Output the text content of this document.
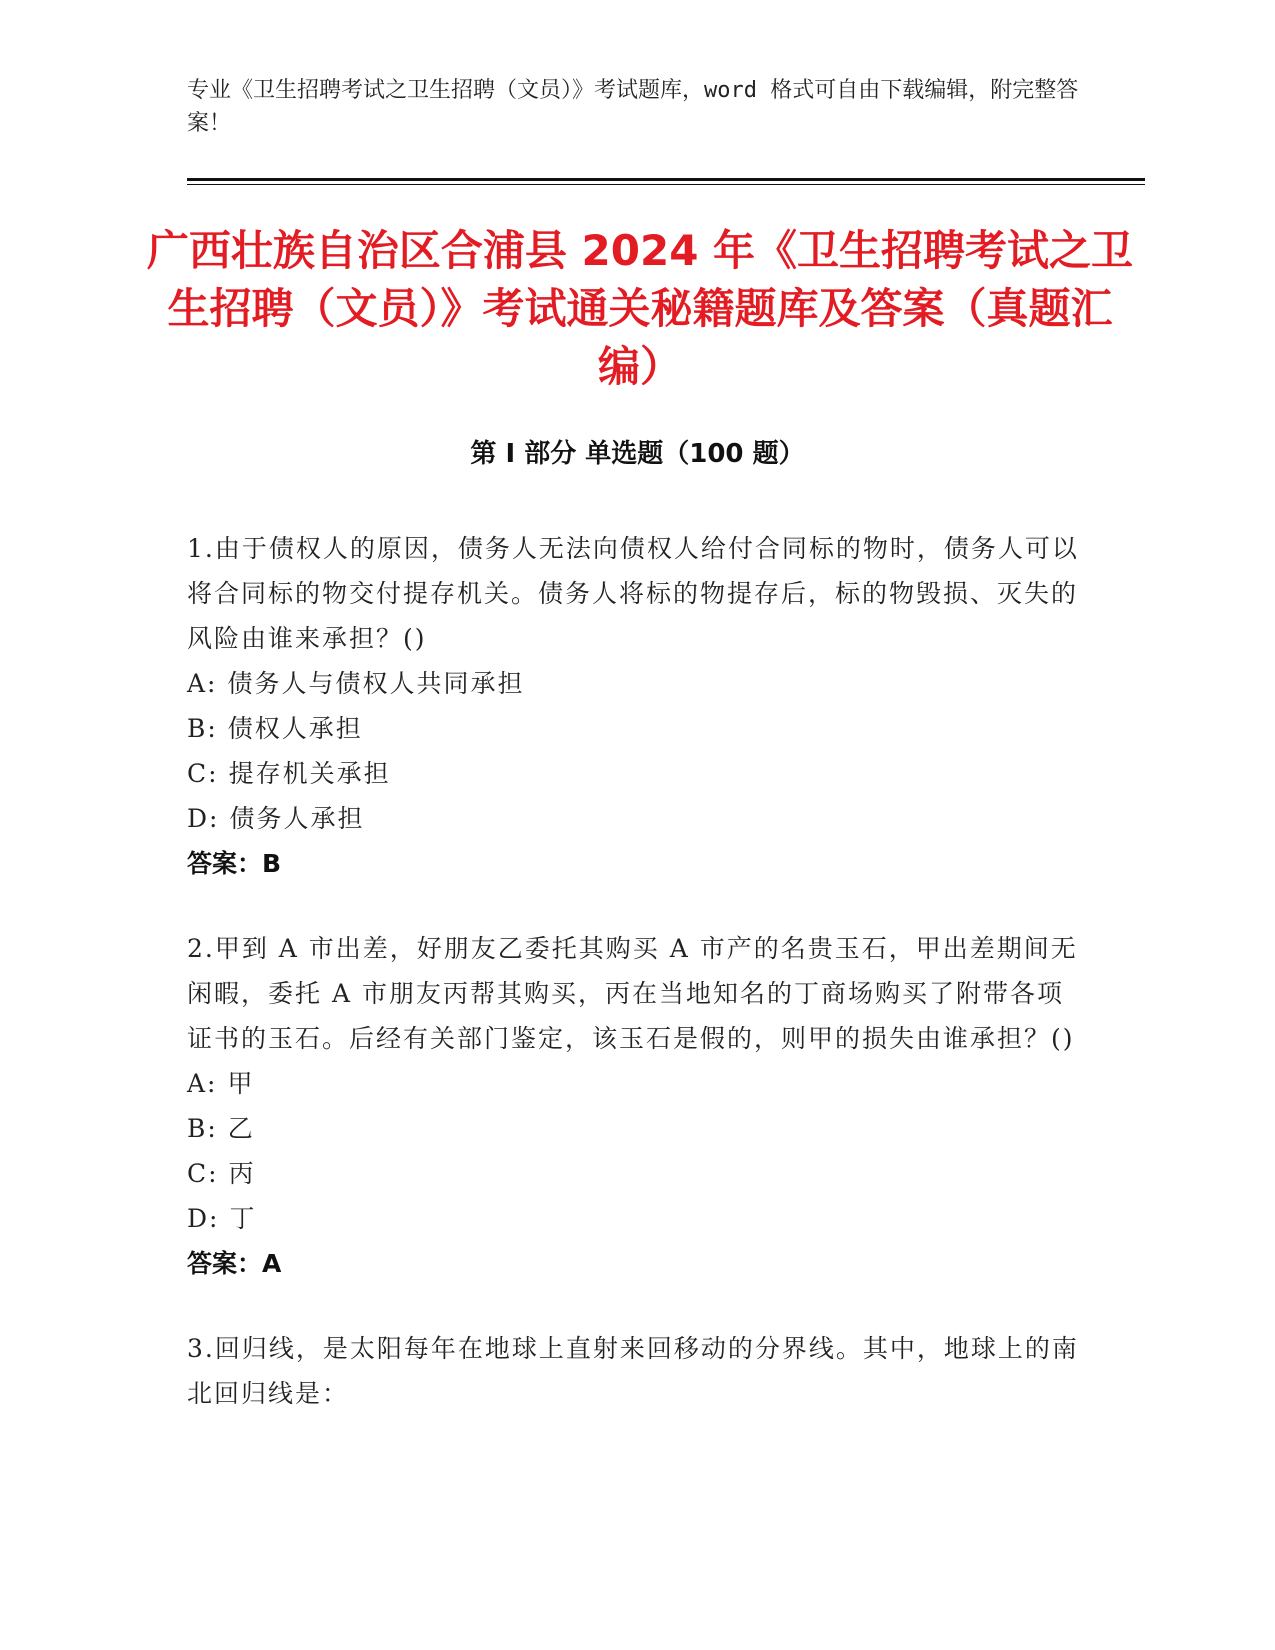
专业《卫生招聘考试之卫生招聘（文员）》考试题库，word 格式可自由下载编辑，附完整答案！
广西壮族自治区合浦县 2024 年《卫生招聘考试之卫生招聘（文员）》考试通关秘籍题库及答案（真题汇编）
第 I 部分 单选题（100 题）
1.由于债权人的原因，债务人无法向债权人给付合同标的物时，债务人可以将合同标的物交付提存机关。债务人将标的物提存后，标的物毁损、灭失的风险由谁来承担？()
A: 债务人与债权人共同承担
B: 债权人承担
C: 提存机关承担
D: 债务人承担
答案：B
2.甲到 A 市出差，好朋友乙委托其购买 A 市产的名贵玉石，甲出差期间无闲暇，委托 A 市朋友丙帮其购买，丙在当地知名的丁商场购买了附带各项证书的玉石。后经有关部门鉴定，该玉石是假的，则甲的损失由谁承担？()
A: 甲
B: 乙
C: 丙
D: 丁
答案：A
3.回归线，是太阳每年在地球上直射来回移动的分界线。其中，地球上的南北回归线是：
